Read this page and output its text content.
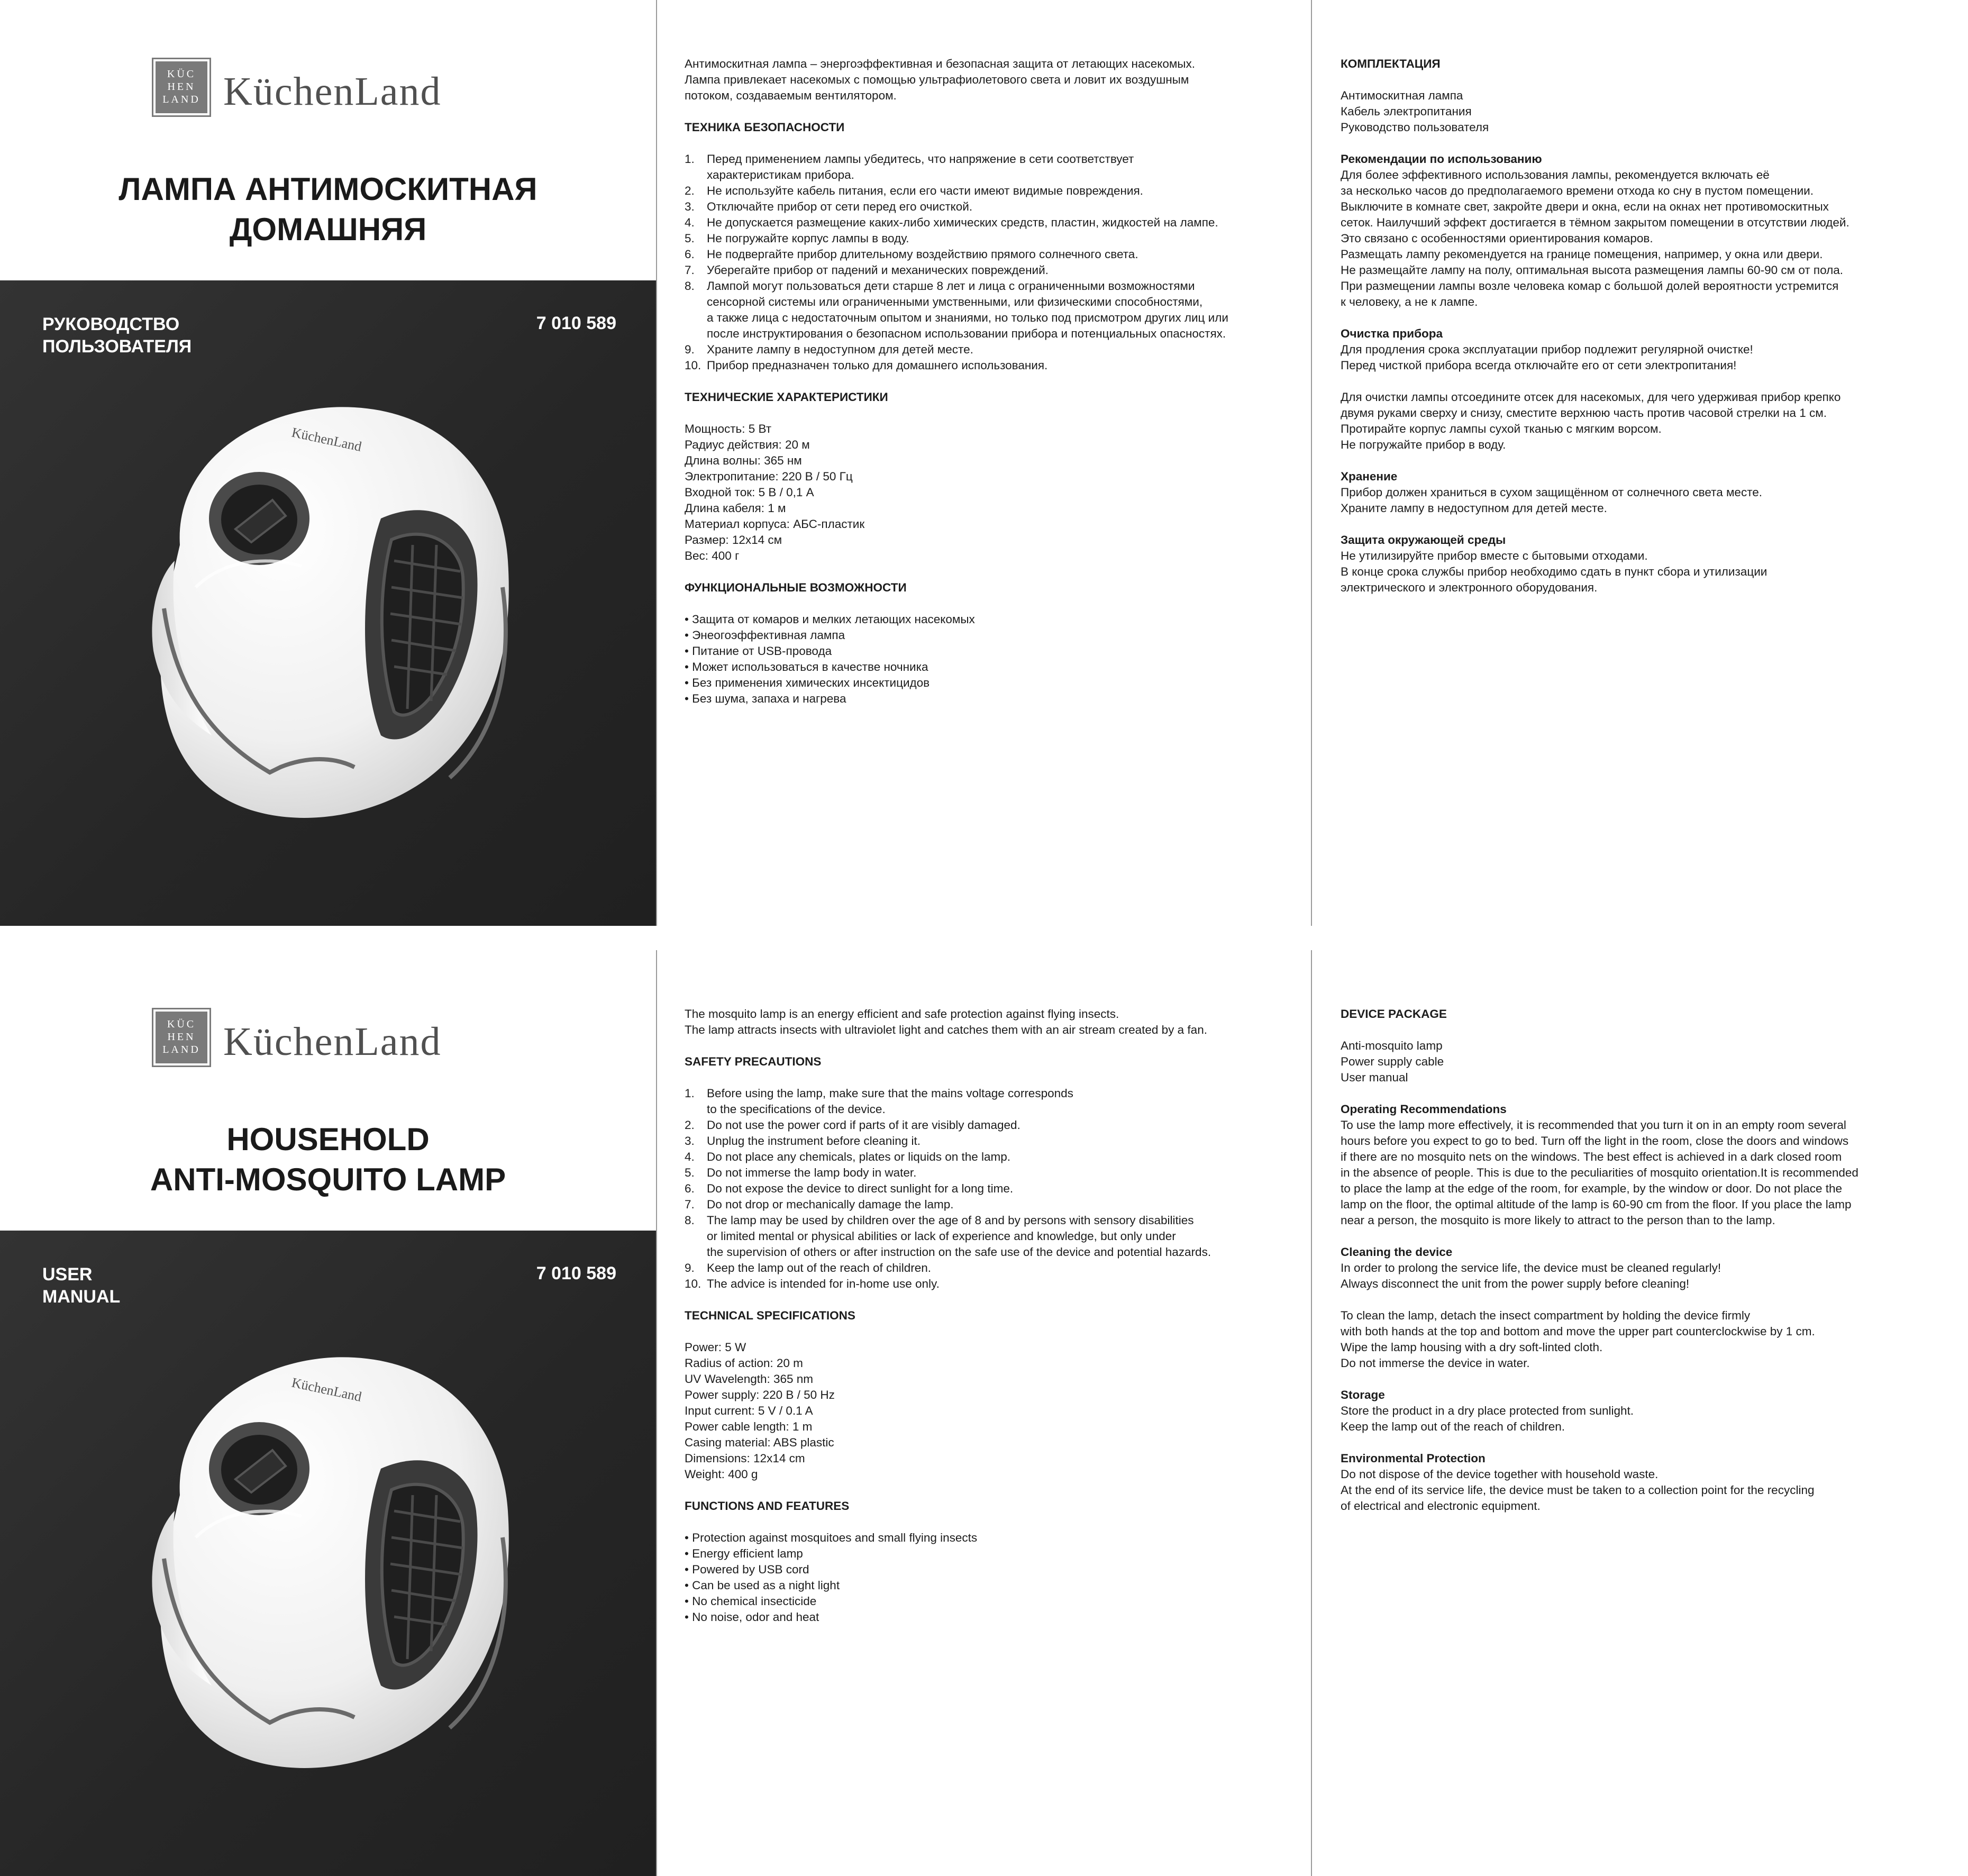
KÜC
HEN
LAND KüchenLand
ЛАМПА АНТИМОСКИТНАЯ
ДОМАШНЯЯ
РУКОВОДСТВО
ПОЛЬЗОВАТЕЛЯ
7 010 589
KüchenLand
Антимоскитная лампа – энергоэффективная и безопасная защита от летающих насекомых.
Лампа привлекает насекомых с помощью ультрафиолетового света и ловит их воздушным
потоком, создаваемым вентилятором.
ТЕХНИКА БЕЗОПАСНОСТИ
1.	Перед применением лампы убедитесь, что напряжение в сети соответствует
характеристикам прибора.
2.	Не используйте кабель питания, если его части имеют видимые повреждения.
3.	Отключайте прибор от сети перед его очисткой.
4.	Не допускается размещение каких-либо химических средств, пластин, жидкостей на лампе.
5.	Не погружайте корпус лампы в воду.
6.	Не подвергайте прибор длительному воздействию прямого солнечного света.
7.	Уберегайте прибор от падений и механических повреждений.
8.	Лампой могут пользоваться дети старше 8 лет и лица с ограниченными возможностями
сенсорной системы или ограниченными умственными, или физическими способностями,
а также лица с недостаточным опытом и знаниями, но только под присмотром других лиц или
после инструктирования о безопасном использовании прибора и потенциальных опасностях.
9.	Храните лампу в недоступном для детей месте.
10. Прибор предназначен только для домашнего использования.
ТЕХНИЧЕСКИЕ ХАРАКТЕРИСТИКИ
Мощность: 5 Вт
Радиус действия: 20 м
Длина волны: 365 нм
Электропитание: 220 В / 50 Гц
Входной ток: 5 В / 0,1 А
Длина кабеля: 1 м
Материал корпуса: АБС-пластик
Размер: 12х14 см
Вес: 400 г
ФУНКЦИОНАЛЬНЫЕ ВОЗМОЖНОСТИ
• Защита от комаров и мелких летающих насекомых
• Энеогоэффективная лампа
• Питание от USB-провода
• Может использоваться в качестве ночника
• Без применения химических инсектицидов
• Без шума, запаха и нагрева
КОМПЛЕКТАЦИЯ
Антимоскитная лампа
Кабель электропитания
Руководство пользователя
Рекомендации по использованию
Для более эффективного использования лампы, рекомендуется включать её
за несколько часов до предполагаемого времени отхода ко сну в пустом помещении.
Выключите в комнате свет, закройте двери и окна, если на окнах нет противомоскитных
сеток. Наилучший эффект достигается в тёмном закрытом помещении в отсутствии людей.
Это связано с особенностями ориентирования комаров.
Размещать лампу рекомендуется на границе помещения, например, у окна или двери.
Не размещайте лампу на полу, оптимальная высота размещения лампы 60-90 см от пола.
При размещении лампы возле человека комар с большой долей вероятности устремится
к человеку, а не к лампе.
Очистка прибора
Для продления срока эксплуатации прибор подлежит регулярной очистке!
Перед чисткой прибора всегда отключайте его от сети электропитания!
Для очистки лампы отсоедините отсек для насекомых, для чего удерживая прибор крепко
двумя руками сверху и снизу, сместите верхнюю часть против часовой стрелки на 1 см.
Протирайте корпус лампы сухой тканью с мягким ворсом.
Не погружайте прибор в воду.
Хранение
Прибор должен храниться в сухом защищённом от солнечного света месте.
Храните лампу в недоступном для детей месте.
Защита окружающей среды
Не утилизируйте прибор вместе с бытовыми отходами.
В конце срока службы прибор необходимо сдать в пункт сбора и утилизации
электрического и электронного оборудования.
KÜC
HEN
LAND KüchenLand
HOUSEHOLD
ANTI-MOSQUITO LAMP
USER
MANUAL
7 010 589
KüchenLand
The mosquito lamp is an energy efficient and safe protection against flying insects.
The lamp attracts insects with ultraviolet light and catches them with an air stream created by a fan.
SAFETY PRECAUTIONS
1.	Before using the lamp, make sure that the mains voltage corresponds
to the specifications of the device.
2.	Do not use the power cord if parts of it are visibly damaged.
3.	Unplug the instrument before cleaning it.
4.	Do not place any chemicals, plates or liquids on the lamp.
5.	Do not immerse the lamp body in water.
6.	Do not expose the device to direct sunlight for a long time.
7.	Do not drop or mechanically damage the lamp.
8.	The lamp may be used by children over the age of 8 and by persons with sensory disabilities
or limited mental or physical abilities or lack of experience and knowledge, but only under
the supervision of others or after instruction on the safe use of the device and potential hazards.
9.	Keep the lamp out of the reach of children.
10. The advice is intended for in-home use only.
TECHNICAL SPECIFICATIONS
Power: 5 W
Radius of action: 20 m
UV Wavelength: 365 nm
Power supply: 220 B / 50 Hz
Input current: 5 V / 0.1 A
Power cable length: 1 m
Casing material: ABS plastic
Dimensions: 12x14 cm
Weight: 400 g
FUNCTIONS AND FEATURES
• Protection against mosquitoes and small flying insects
• Energy efficient lamp
• Powered by USB cord
• Can be used as a night light
• No chemical insecticide
• No noise, odor and heat
DEVICE PACKAGE
Anti-mosquito lamp
Power supply cable
User manual
Operating Recommendations
To use the lamp more effectively, it is recommended that you turn it on in an empty room several
hours before you expect to go to bed. Turn off the light in the room, close the doors and windows
if there are no mosquito nets on the windows. The best effect is achieved in a dark closed room
in the absence of people. This is due to the peculiarities of mosquito orientation.It is recommended
to place the lamp at the edge of the room, for example, by the window or door. Do not place the
lamp on the floor, the optimal altitude of the lamp is 60-90 cm from the floor. If you place the lamp
near a person, the mosquito is more likely to attract to the person than to the lamp.
Cleaning the device
In order to prolong the service life, the device must be cleaned regularly!
Always disconnect the unit from the power supply before cleaning!
To clean the lamp, detach the insect compartment by holding the device firmly
with both hands at the top and bottom and move the upper part counterclockwise by 1 cm.
Wipe the lamp housing with a dry soft-linted cloth.
Do not immerse the device in water.
Storage
Store the product in a dry place protected from sunlight.
Keep the lamp out of the reach of children.
Environmental Protection
Do not dispose of the device together with household waste.
At the end of its service life, the device must be taken to a collection point for the recycling
of electrical and electronic equipment.
